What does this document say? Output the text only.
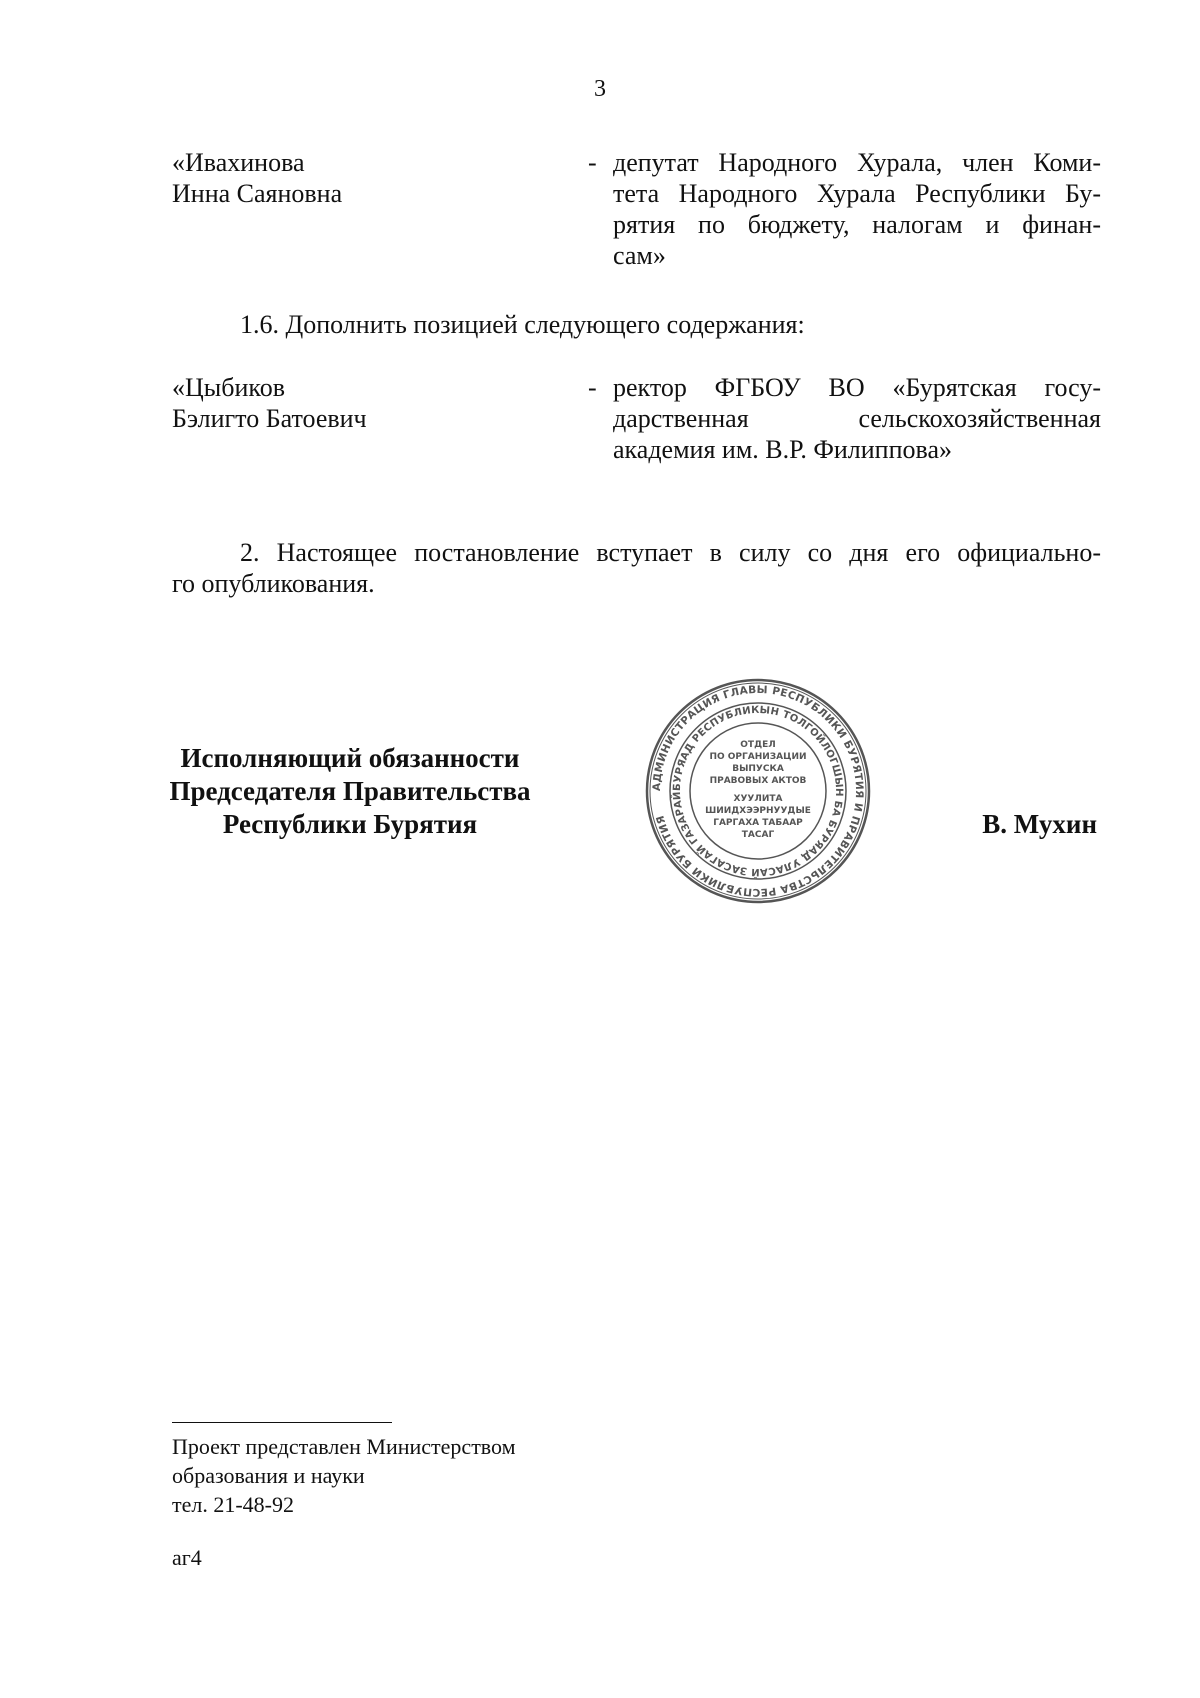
3
«Ивахинова
Инна Саяновна
- депутат Народного Хурала, член Коми-
тета Народного Хурала Республики Бу-
рятия по бюджету, налогам и финан-
сам»
1.6. Дополнить позицией следующего содержания:
«Цыбиков
Бэлигто Батоевич
- ректор ФГБОУ ВО «Бурятская госу-
дарственная сельскохозяйственная
академия им. В.Р. Филиппова»
2. Настоящее постановление вступает в силу со дня его официально-
го опубликования.
Исполняющий обязанности
Председателя Правительства
Республики Бурятия
АДМИНИСТРАЦИЯ ГЛАВЫ РЕСПУБЛИКИ БУРЯТИЯ И ПРАВИТЕЛЬСТВА РЕСПУБЛИКИ БУРЯТИЯ
БУРЯАД РЕСПУБЛИКЫН ТОЛГОЙЛОГШЫН БА БУРЯАД УЛАСАЙ ЗАСАГАЙ ГАЗАРАЙ
ОТДЕЛ
ПО ОРГАНИЗАЦИИ
ВЫПУСКА
ПРАВОВЫХ АКТОВ
ХУУЛИТА
ШИИДХЭЭРНУУДЫЕ
ГАРГАХА ТАБААР
ТАСАГ	В. Мухин
Проект представлен Министерством
образования и науки
тел. 21-48-92
аг4
